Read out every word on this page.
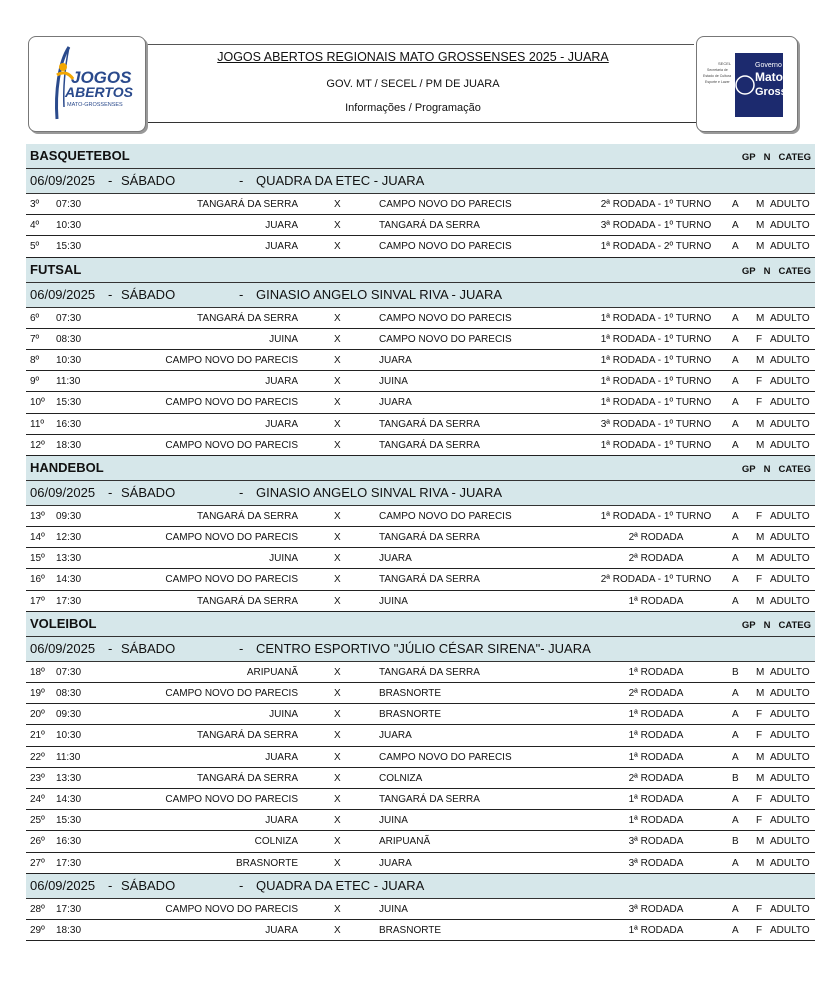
JOGOS
ABERTOS
MATO-GROSSENSES
JOGOS ABERTOS REGIONAIS MATO GROSSENSES 2025 - JUARA
GOV. MT / SECEL / PM DE JUARA
Informações / Programação
SECEL
Secretaria de
Estado de Cultura
Esporte e Lazer
Governo de
Mato
Grosso
BASQUETEBOL	GP N CATEG
06/09/2025 - SÁBADO	- QUADRA DA ETEC - JUARA
3º 07:30	TANGARÁ DA SERRA	X	CAMPO NOVO DO PARECIS	2ª RODADA - 1º TURNO	A M ADULTO
4º 10:30	JUARA	X	TANGARÁ DA SERRA	3ª RODADA - 1º TURNO	A M ADULTO
5º 15:30	JUARA	X	CAMPO NOVO DO PARECIS	1ª RODADA - 2º TURNO	A M ADULTO
FUTSAL	GP N CATEG
06/09/2025 - SÁBADO	- GINASIO ANGELO SINVAL RIVA - JUARA
6º 07:30	TANGARÁ DA SERRA	X	CAMPO NOVO DO PARECIS	1ª RODADA - 1º TURNO	A M ADULTO
7º 08:30	JUINA	X	CAMPO NOVO DO PARECIS	1ª RODADA - 1º TURNO	A F ADULTO
8º 10:30	CAMPO NOVO DO PARECIS	X	JUARA	1ª RODADA - 1º TURNO	A M ADULTO
9º 11:30	JUARA	X	JUINA	1ª RODADA - 1º TURNO	A F ADULTO
10º 15:30	CAMPO NOVO DO PARECIS	X	JUARA	1ª RODADA - 1º TURNO	A F ADULTO
11º 16:30	JUARA	X	TANGARÁ DA SERRA	3ª RODADA - 1º TURNO	A M ADULTO
12º 18:30	CAMPO NOVO DO PARECIS	X	TANGARÁ DA SERRA	1ª RODADA - 1º TURNO	A M ADULTO
HANDEBOL	GP N CATEG
06/09/2025 - SÁBADO	- GINASIO ANGELO SINVAL RIVA - JUARA
13º 09:30	TANGARÁ DA SERRA	X	CAMPO NOVO DO PARECIS	1ª RODADA - 1º TURNO	A F ADULTO
14º 12:30	CAMPO NOVO DO PARECIS	X	TANGARÁ DA SERRA	2ª RODADA	A M ADULTO
15º 13:30	JUINA	X	JUARA	2ª RODADA	A M ADULTO
16º 14:30	CAMPO NOVO DO PARECIS	X	TANGARÁ DA SERRA	2ª RODADA - 1º TURNO	A F ADULTO
17º 17:30	TANGARÁ DA SERRA	X	JUINA	1ª RODADA	A M ADULTO
VOLEIBOL	GP N CATEG
06/09/2025 - SÁBADO	- CENTRO ESPORTIVO "JÚLIO CÉSAR SIRENA"- JUARA
18º 07:30	ARIPUANÃ	X	TANGARÁ DA SERRA	1ª RODADA	B M ADULTO
19º 08:30	CAMPO NOVO DO PARECIS	X	BRASNORTE	2ª RODADA	A M ADULTO
20º 09:30	JUINA	X	BRASNORTE	1ª RODADA	A F ADULTO
21º 10:30	TANGARÁ DA SERRA	X	JUARA	1ª RODADA	A F ADULTO
22º 11:30	JUARA	X	CAMPO NOVO DO PARECIS	1ª RODADA	A M ADULTO
23º 13:30	TANGARÁ DA SERRA	X	COLNIZA	2ª RODADA	B M ADULTO
24º 14:30	CAMPO NOVO DO PARECIS	X	TANGARÁ DA SERRA	1ª RODADA	A F ADULTO
25º 15:30	JUARA	X	JUINA	1ª RODADA	A F ADULTO
26º 16:30	COLNIZA	X	ARIPUANÃ	3ª RODADA	B M ADULTO
27º 17:30	BRASNORTE	X	JUARA	3ª RODADA	A M ADULTO
06/09/2025 - SÁBADO	- QUADRA DA ETEC - JUARA
28º 17:30	CAMPO NOVO DO PARECIS	X	JUINA	3ª RODADA	A F ADULTO
29º 18:30	JUARA	X	BRASNORTE	1ª RODADA	A F ADULTO
